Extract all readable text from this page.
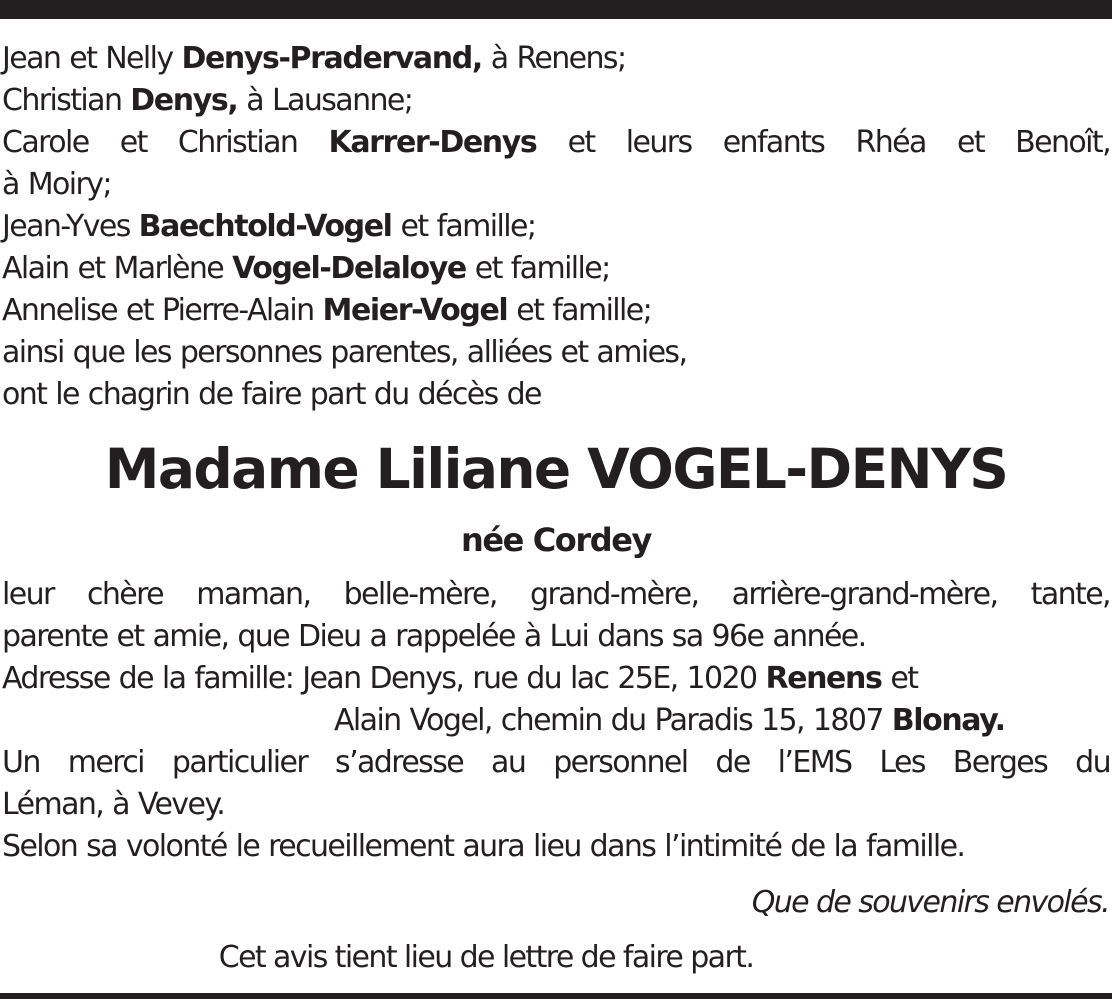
Jean et Nelly Denys-Pradervand, à Renens;
Christian Denys, à Lausanne;
Carole et Christian Karrer-Denys et leurs enfants Rhéa et Benoît,
à Moiry;
Jean-Yves Baechtold-Vogel et famille;
Alain et Marlène Vogel-Delaloye et famille;
Annelise et Pierre-Alain Meier-Vogel et famille;
ainsi que les personnes parentes, alliées et amies,
ont le chagrin de faire part du décès de
Madame Liliane VOGEL-DENYS
née Cordey
leur chère maman, belle-mère, grand-mère, arrière-grand-mère, tante,
parente et amie, que Dieu a rappelée à Lui dans sa 96e année.
Adresse de la famille: Jean Denys, rue du lac 25E, 1020 Renens et
Alain Vogel, chemin du Paradis 15, 1807 Blonay.
Un merci particulier s’adresse au personnel de l’EMS Les Berges du
Léman, à Vevey.
Selon sa volonté le recueillement aura lieu dans l’intimité de la famille.
Que de souvenirs envolés.
Cet avis tient lieu de lettre de faire part.
